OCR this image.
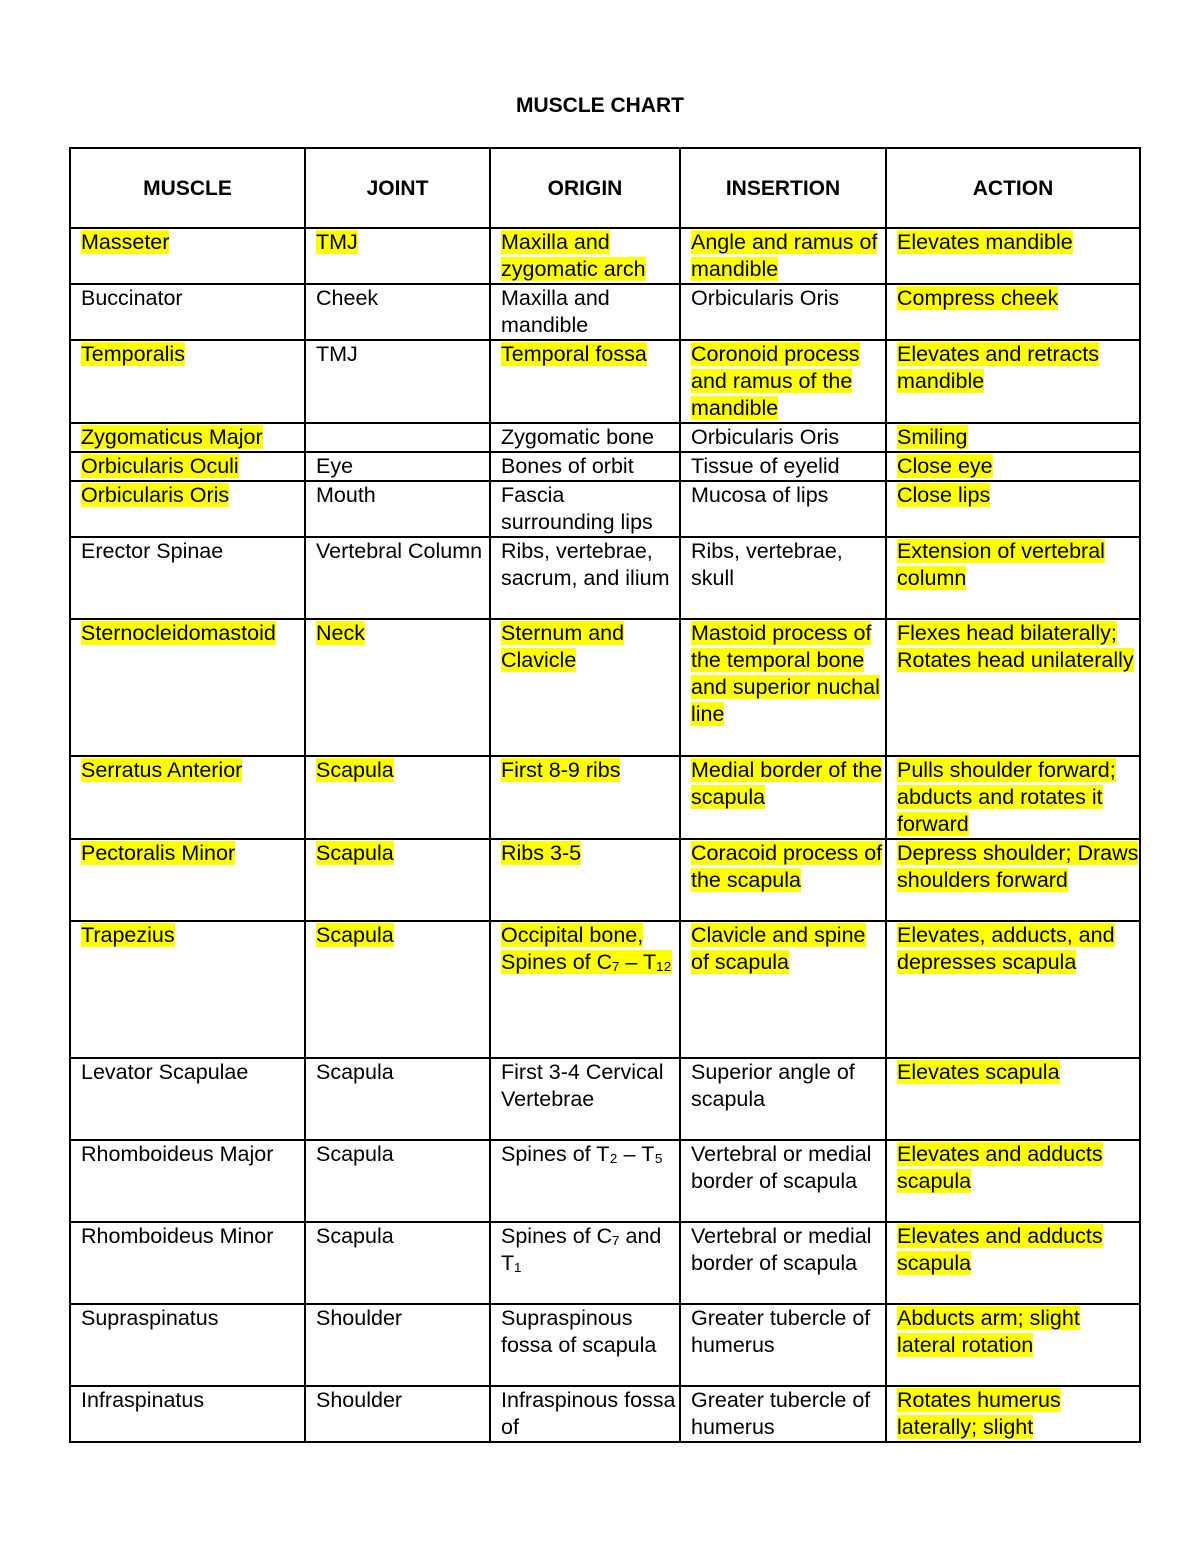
MUSCLE CHART
MUSCLE	JOINT	ORIGIN	INSERTION	ACTION
Masseter	TMJ	Maxilla and zygomatic arch	Angle and ramus of mandible	Elevates mandible
Buccinator	Cheek	Maxilla and mandible	Orbicularis Oris	Compress cheek
Temporalis	TMJ	Temporal fossa	Coronoid process and ramus of the mandible	Elevates and retracts mandible
Zygomaticus Major		Zygomatic bone	Orbicularis Oris	Smiling
Orbicularis Oculi	Eye	Bones of orbit	Tissue of eyelid	Close eye
Orbicularis Oris	Mouth	Fascia surrounding lips	Mucosa of lips	Close lips
Erector Spinae	Vertebral Column	Ribs, vertebrae, sacrum, and ilium	Ribs, vertebrae, skull	Extension of vertebral column
Sternocleidomastoid	Neck	Sternum and Clavicle	Mastoid process of the temporal bone and superior nuchal line	Flexes head bilaterally; Rotates head unilaterally
Serratus Anterior	Scapula	First 8-9 ribs	Medial border of the scapula	Pulls shoulder forward; abducts and rotates it forward
Pectoralis Minor	Scapula	Ribs 3-5	Coracoid process of the scapula	Depress shoulder; Draws shoulders forward
Trapezius	Scapula	Occipital bone, Spines of C₇ – T₁₂	Clavicle and spine of scapula	Elevates, adducts, and depresses scapula
Levator Scapulae	Scapula	First 3-4 Cervical Vertebrae	Superior angle of scapula	Elevates scapula
Rhomboideus Major	Scapula	Spines of T₂ – T₅	Vertebral or medial border of scapula	Elevates and adducts scapula
Rhomboideus Minor	Scapula	Spines of C₇ and T₁	Vertebral or medial border of scapula	Elevates and adducts scapula
Supraspinatus	Shoulder	Supraspinous fossa of scapula	Greater tubercle of humerus	Abducts arm; slight lateral rotation
Infraspinatus	Shoulder	Infraspinous fossa of	Greater tubercle of humerus	Rotates humerus laterally; slight
